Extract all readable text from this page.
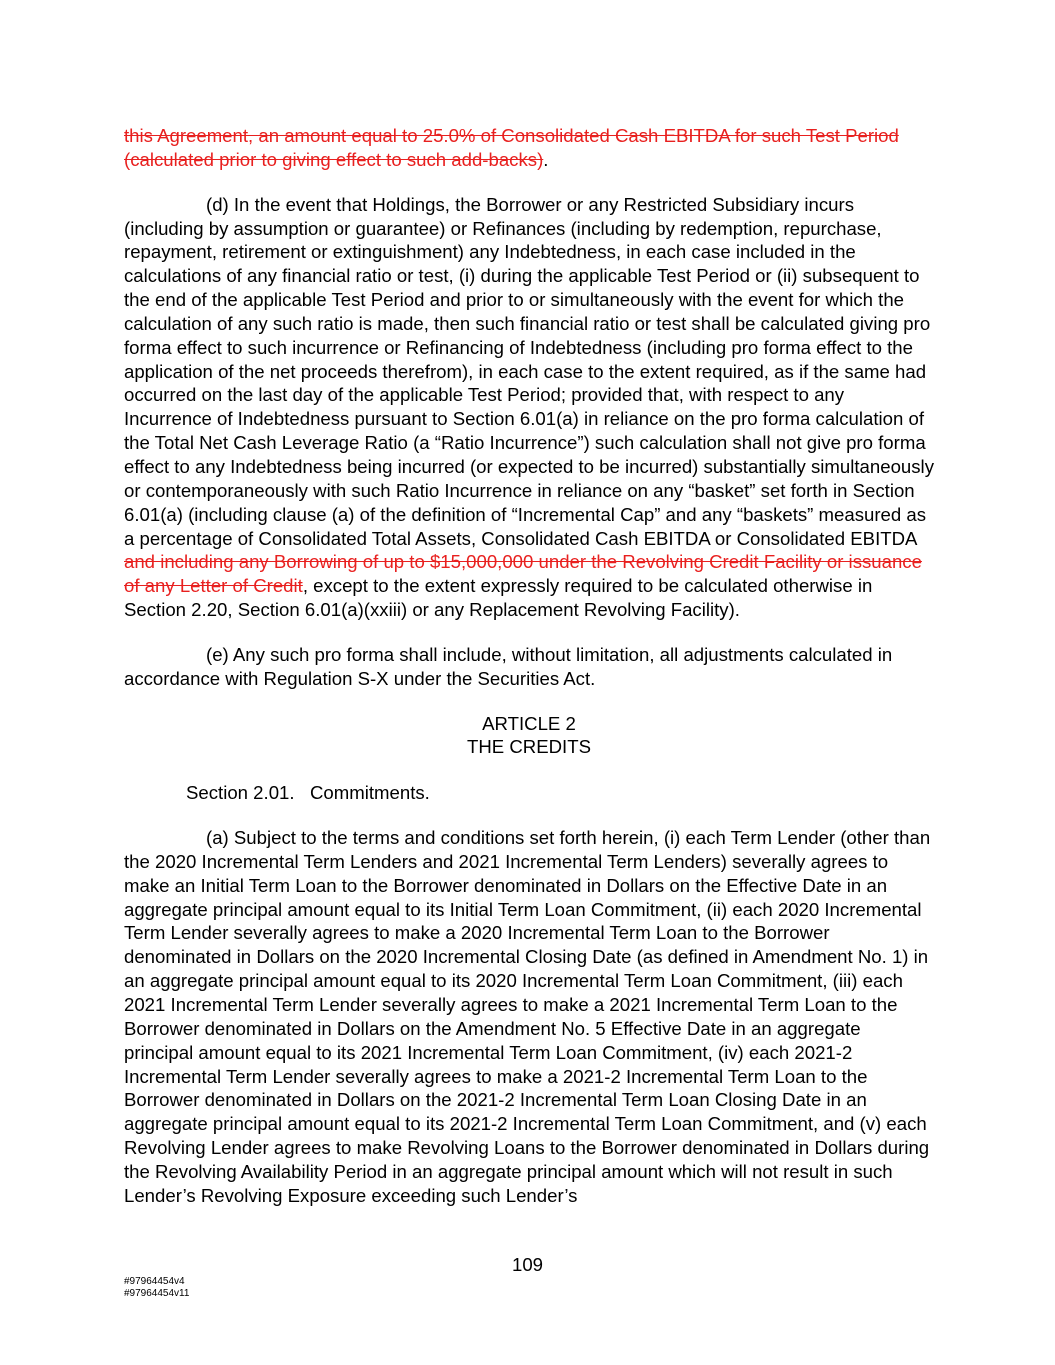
this Agreement, an amount equal to 25.0% of Consolidated Cash EBITDA for such Test Period (calculated prior to giving effect to such add-backs).

(d) In the event that Holdings, the Borrower or any Restricted Subsidiary incurs (including by assumption or guarantee) or Refinances (including by redemption, repurchase, repayment, retirement or extinguishment) any Indebtedness, in each case included in the calculations of any financial ratio or test, (i) during the applicable Test Period or (ii) subsequent to the end of the applicable Test Period and prior to or simultaneously with the event for which the calculation of any such ratio is made, then such financial ratio or test shall be calculated giving pro forma effect to such incurrence or Refinancing of Indebtedness (including pro forma effect to the application of the net proceeds therefrom), in each case to the extent required, as if the same had occurred on the last day of the applicable Test Period; provided that, with respect to any Incurrence of Indebtedness pursuant to Section 6.01(a) in reliance on the pro forma calculation of the Total Net Cash Leverage Ratio (a “Ratio Incurrence”) such calculation shall not give pro forma effect to any Indebtedness being incurred (or expected to be incurred) substantially simultaneously or contemporaneously with such Ratio Incurrence in reliance on any “basket” set forth in Section 6.01(a) (including clause (a) of the definition of “Incremental Cap” and any “baskets” measured as a percentage of Consolidated Total Assets, Consolidated Cash EBITDA or Consolidated EBITDA and including any Borrowing of up to $15,000,000 under the Revolving Credit Facility or issuance of any Letter of Credit, except to the extent expressly required to be calculated otherwise in Section 2.20, Section 6.01(a)(xxiii) or any Replacement Revolving Facility).

(e) Any such pro forma shall include, without limitation, all adjustments calculated in accordance with Regulation S-X under the Securities Act.

ARTICLE 2

THE CREDITS

Section 2.01. Commitments.

(a) Subject to the terms and conditions set forth herein, (i) each Term Lender (other than the 2020 Incremental Term Lenders and 2021 Incremental Term Lenders) severally agrees to make an Initial Term Loan to the Borrower denominated in Dollars on the Effective Date in an aggregate principal amount equal to its Initial Term Loan Commitment, (ii) each 2020 Incremental Term Lender severally agrees to make a 2020 Incremental Term Loan to the Borrower denominated in Dollars on the 2020 Incremental Closing Date (as defined in Amendment No. 1) in an aggregate principal amount equal to its 2020 Incremental Term Loan Commitment, (iii) each 2021 Incremental Term Lender severally agrees to make a 2021 Incremental Term Loan to the Borrower denominated in Dollars on the Amendment No. 5 Effective Date in an aggregate principal amount equal to its 2021 Incremental Term Loan Commitment, (iv) each 2021-2 Incremental Term Lender severally agrees to make a 2021-2 Incremental Term Loan to the Borrower denominated in Dollars on the 2021-2 Incremental Term Loan Closing Date in an aggregate principal amount equal to its 2021-2 Incremental Term Loan Commitment, and (v) each Revolving Lender agrees to make Revolving Loans to the Borrower denominated in Dollars during the Revolving Availability Period in an aggregate principal amount which will not result in such Lender’s Revolving Exposure exceeding such Lender’s

109
#97964454v4
#97964454v11
